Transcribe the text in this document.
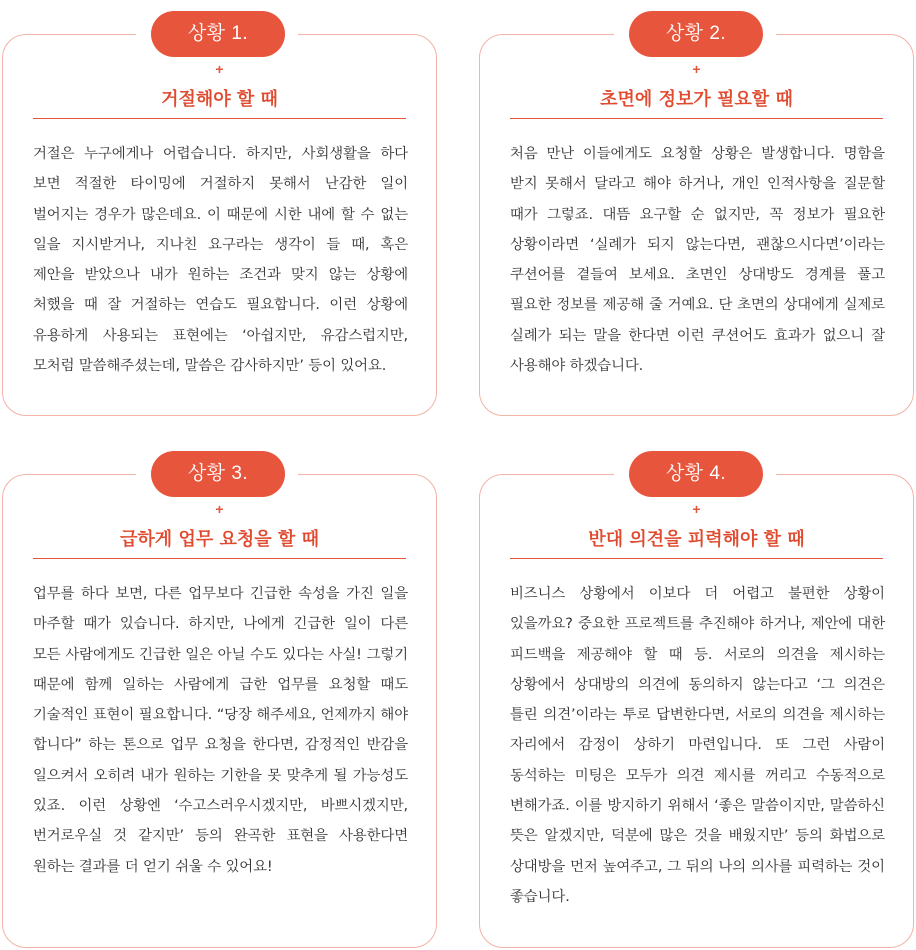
+
거절해야 할 때
거절은 누구에게나 어렵습니다. 하지만, 사회생활을 하다 보면 적절한 타이밍에 거절하지 못해서 난감한 일이 벌어지는 경우가 많은데요. 이 때문에 시한 내에 할 수 없는 일을 지시받거나, 지나친 요구라는 생각이 들 때, 혹은 제안을 받았으나 내가 원하는 조건과 맞지 않는 상황에 처했을 때 잘 거절하는 연습도 필요합니다. 이런 상황에 유용하게 사용되는 표현에는 ‘아쉽지만, 유감스럽지만, 모처럼 말씀해주셨는데, 말씀은 감사하지만’ 등이 있어요.
상황 1.
+
초면에 정보가 필요할 때
처음 만난 이들에게도 요청할 상황은 발생합니다. 명함을 받지 못해서 달라고 해야 하거나, 개인 인적사항을 질문할 때가 그렇죠. 대뜸 요구할 순 없지만, 꼭 정보가 필요한 상황이라면 ‘실례가 되지 않는다면, 괜찮으시다면’이라는 쿠션어를 곁들여 보세요. 초면인 상대방도 경계를 풀고 필요한 정보를 제공해 줄 거예요. 단 초면의 상대에게 실제로 실례가 되는 말을 한다면 이런 쿠션어도 효과가 없으니 잘 사용해야 하겠습니다.
상황 2.
+
급하게 업무 요청을 할 때
업무를 하다 보면, 다른 업무보다 긴급한 속성을 가진 일을 마주할 때가 있습니다. 하지만, 나에게 긴급한 일이 다른 모든 사람에게도 긴급한 일은 아닐 수도 있다는 사실! 그렇기 때문에 함께 일하는 사람에게 급한 업무를 요청할 때도 기술적인 표현이 필요합니다. “당장 해주세요, 언제까지 해야 합니다” 하는 톤으로 업무 요청을 한다면, 감정적인 반감을 일으켜서 오히려 내가 원하는 기한을 못 맞추게 될 가능성도 있죠. 이런 상황엔 ‘수고스러우시겠지만, 바쁘시겠지만, 번거로우실 것 같지만’ 등의 완곡한 표현을 사용한다면 원하는 결과를 더 얻기 쉬울 수 있어요!
상황 3.
+
반대 의견을 피력해야 할 때
비즈니스 상황에서 이보다 더 어렵고 불편한 상황이 있을까요? 중요한 프로젝트를 추진해야 하거나, 제안에 대한 피드백을 제공해야 할 때 등. 서로의 의견을 제시하는 상황에서 상대방의 의견에 동의하지 않는다고 ‘그 의견은 틀린 의견’이라는 투로 답변한다면, 서로의 의견을 제시하는 자리에서 감정이 상하기 마련입니다. 또 그런 사람이 동석하는 미팅은 모두가 의견 제시를 꺼리고 수동적으로 변해가죠. 이를 방지하기 위해서 ‘좋은 말씀이지만, 말씀하신 뜻은 알겠지만, 덕분에 많은 것을 배웠지만’ 등의 화법으로 상대방을 먼저 높여주고, 그 뒤의 나의 의사를 피력하는 것이 좋습니다.
상황 4.
